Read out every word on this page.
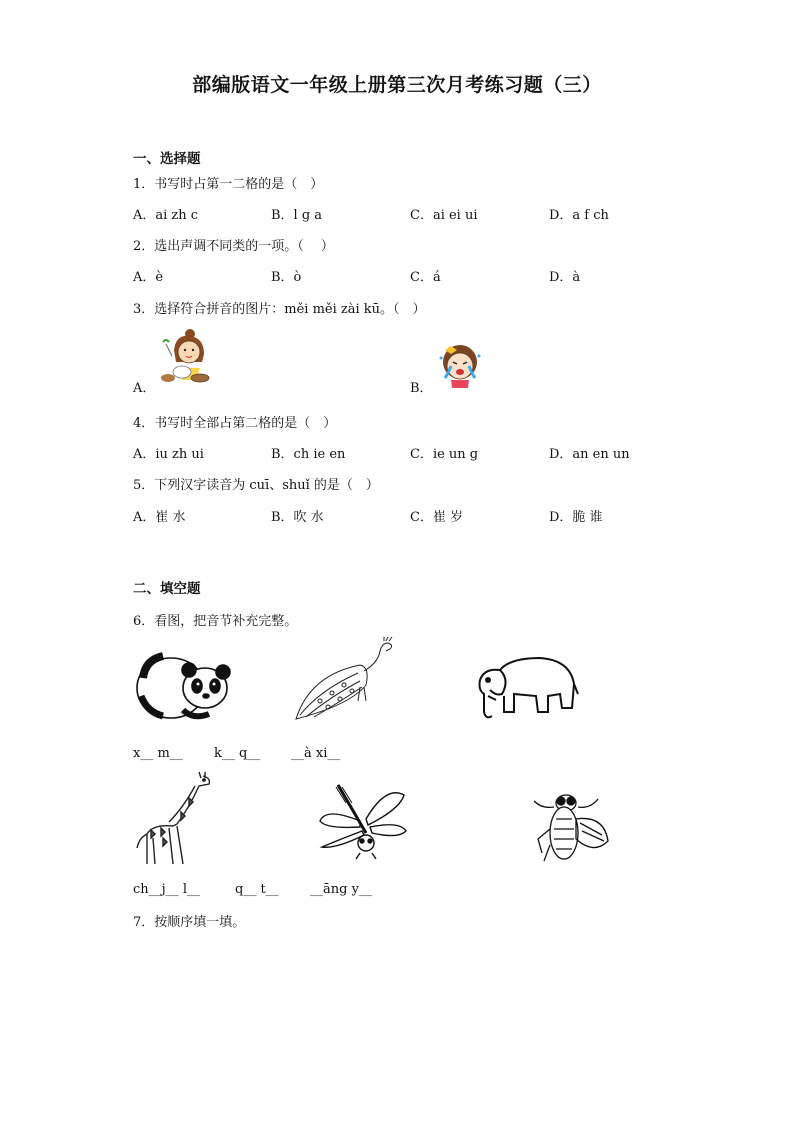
部编版语文一年级上册第三次月考练习题（三）
一、选择题
1．书写时占第一二格的是（　）
A．ai zh c	B．l g a	C．ai ei ui	D．a f ch
2．选出声调不同类的一项。（　 ）
A．è	B．ò	C．á	D．à
3．选择符合拼音的图片：měi měi zài kū。（　）
A．	B．
4．书写时全部占第二格的是（　）
A．iu zh ui	B．ch ie en	C．ie un g	D．an en un
5．下列汉字读音为 cuī、shuǐ 的是（　）
A．崔 水	B．吹 水	C．崔 岁	D．脆 谁
二、填空题
6．看图，把音节补充完整。
x__ m__ k__ q__ __à xi__
ch__j__ l__	q__ t__ __āng y__
7．按顺序填一填。
